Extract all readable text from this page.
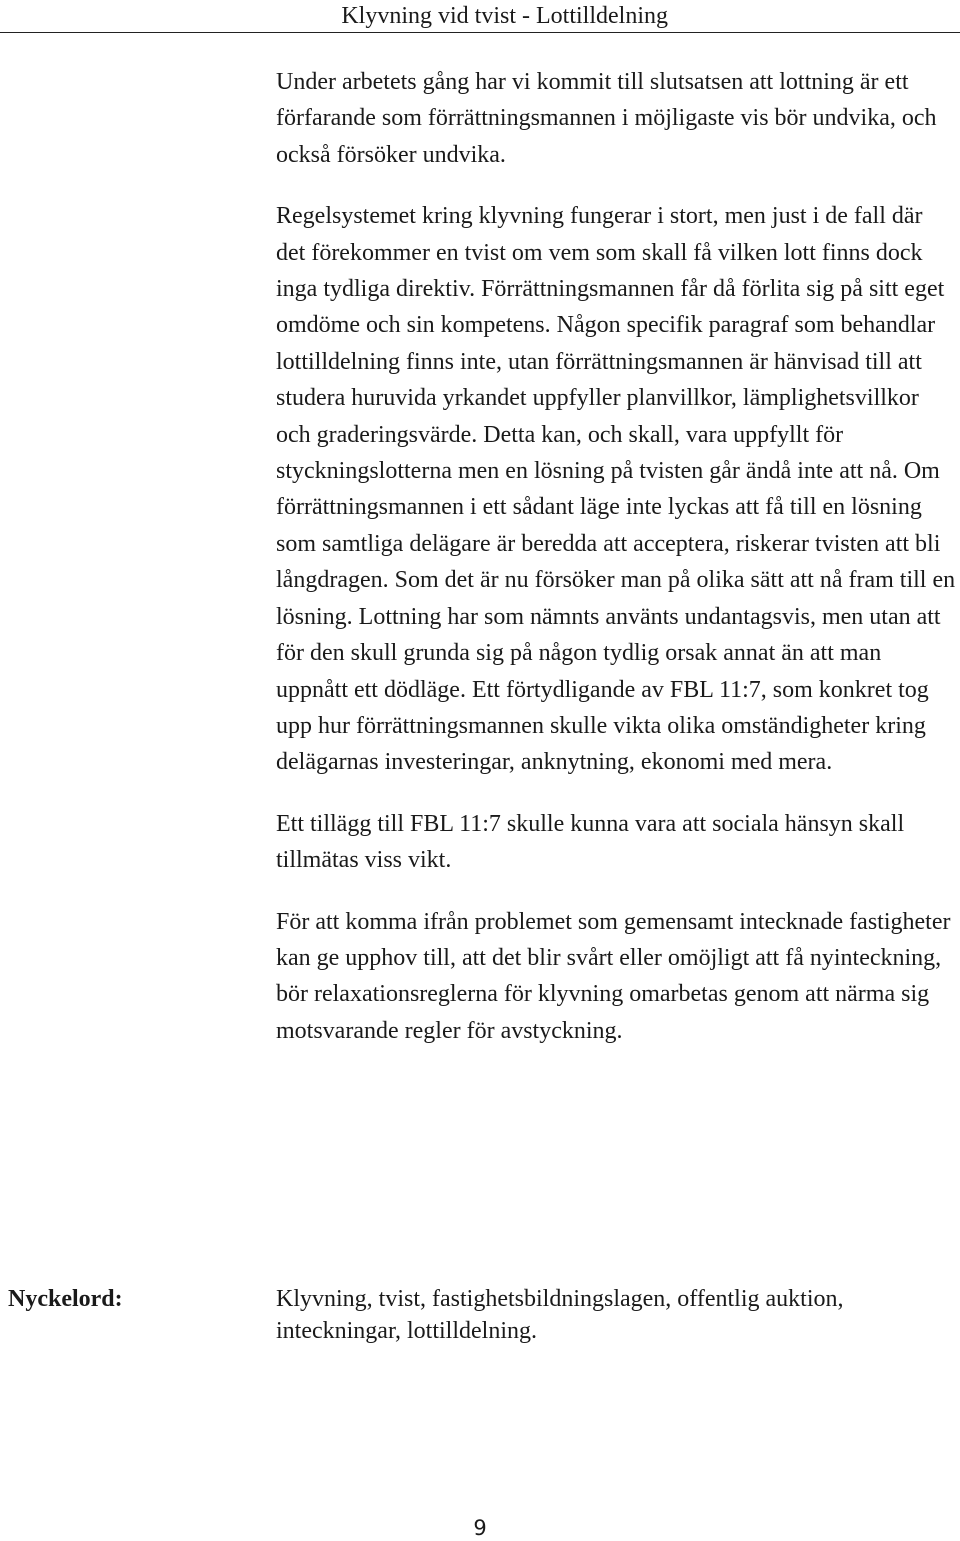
Klyvning vid tvist - Lottilldelning

Under arbetets gång har vi kommit till slutsatsen att lottning är ett förfarande som förrättningsmannen i möjligaste vis bör undvika, och också försöker undvika.

Regelsystemet kring klyvning fungerar i stort, men just i de fall där det förekommer en tvist om vem som skall få vilken lott finns dock inga tydliga direktiv. Förrättningsmannen får då förlita sig på sitt eget omdöme och sin kompetens. Någon specifik paragraf som behandlar lottilldelning finns inte, utan förrättningsmannen är hänvisad till att studera huruvida yrkandet uppfyller planvillkor, lämplighetsvillkor och graderingsvärde. Detta kan, och skall, vara uppfyllt för styckningslotterna men en lösning på tvisten går ändå inte att nå. Om förrättningsmannen i ett sådant läge inte lyckas att få till en lösning som samtliga delägare är beredda att acceptera, riskerar tvisten att bli långdragen. Som det är nu försöker man på olika sätt att nå fram till en lösning. Lottning har som nämnts använts undantagsvis, men utan att för den skull grunda sig på någon tydlig orsak annat än att man uppnått ett dödläge. Ett förtydligande av FBL 11:7, som konkret tog upp hur förrättningsmannen skulle vikta olika omständigheter kring delägarnas investeringar, anknytning, ekonomi med mera.

Ett tillägg till FBL 11:7 skulle kunna vara att sociala hänsyn skall tillmätas viss vikt.

För att komma ifrån problemet som gemensamt intecknade fastigheter kan ge upphov till, att det blir svårt eller omöjligt att få nyinteckning, bör relaxationsreglerna för klyvning omarbetas genom att närma sig motsvarande regler för avstyckning.

Nyckelord:	Klyvning, tvist, fastighetsbildningslagen, offentlig auktion, inteckningar, lottilldelning.
9
